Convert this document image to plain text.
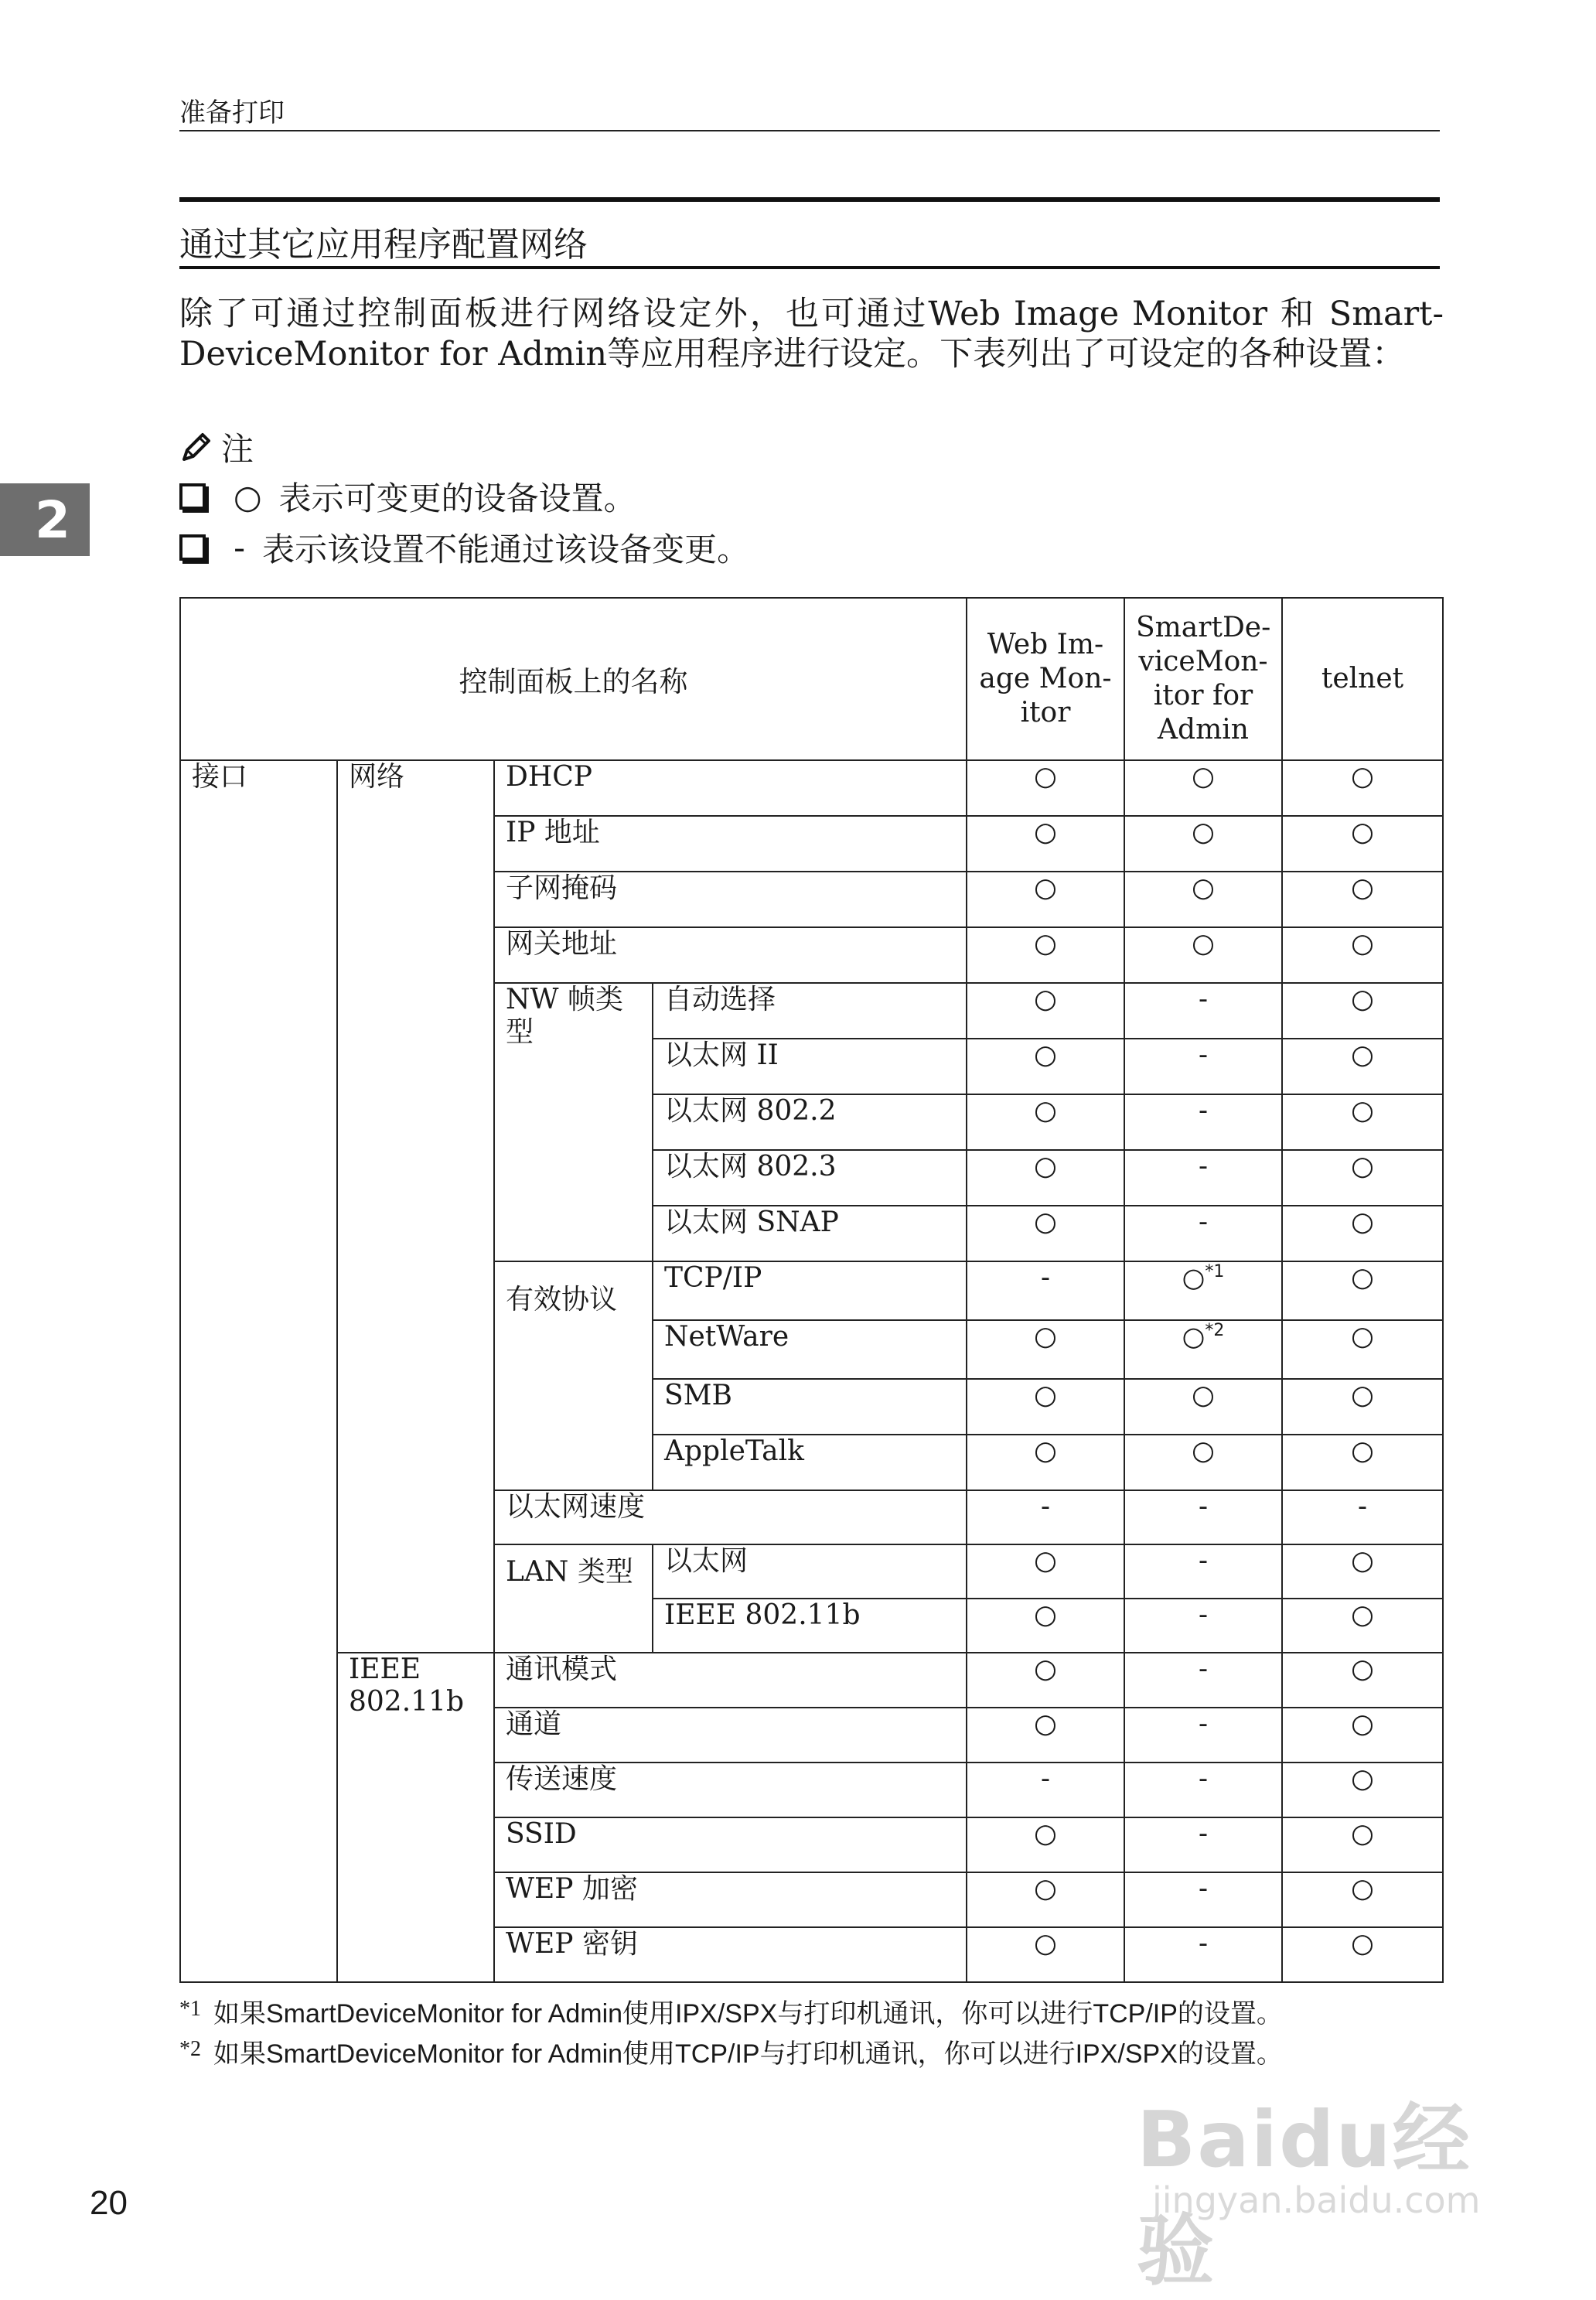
准备打印
2
通过其它应用程序配置网络
除了可通过控制面板进行网络设定外，也可通过Web Image Monitor 和 Smart-DeviceMonitor for Admin等应用程序进行设定。下表列出了可设定的各种设置：
注
○ 表示可变更的设备设置。
- 表示该设置不能通过该设备变更。
控制面板上的名称				Web Im-age Mon-itor	SmartDe-viceMon-itor for Admin	telnet
接口	网络	DHCP		○	○	○
		IP 地址		○	○	○
		子网掩码		○	○	○
		网关地址		○	○	○
		NW 帧类型	自动选择	○	-	○
			以太网 II	○	-	○
			以太网 802.2	○	-	○
			以太网 802.3	○	-	○
			以太网 SNAP	○	-	○
		有效协议	TCP/IP	-	○$^{*1}$	○
			NetWare	○	○$^{*2}$	○
			SMB	○	○	○
			AppleTalk	○	○	○
		以太网速度		-	-	-
		LAN 类型	以太网	○	-	○
			IEEE 802.11b	○	-	○
	IEEE 802.11b	通讯模式		○	-	○
		通道		○	-	○
		传送速度		-	-	○
		SSID		○	-	○
		WEP 加密		○	-	○
		WEP 密钥		○	-	○
*1 如果SmartDeviceMonitor for Admin使用IPX/SPX与打印机通讯，你可以进行TCP/IP的设置。
*2 如果SmartDeviceMonitor for Admin使用TCP/IP与打印机通讯，你可以进行IPX/SPX的设置。
20
Baidu经验
jingyan.baidu.com
